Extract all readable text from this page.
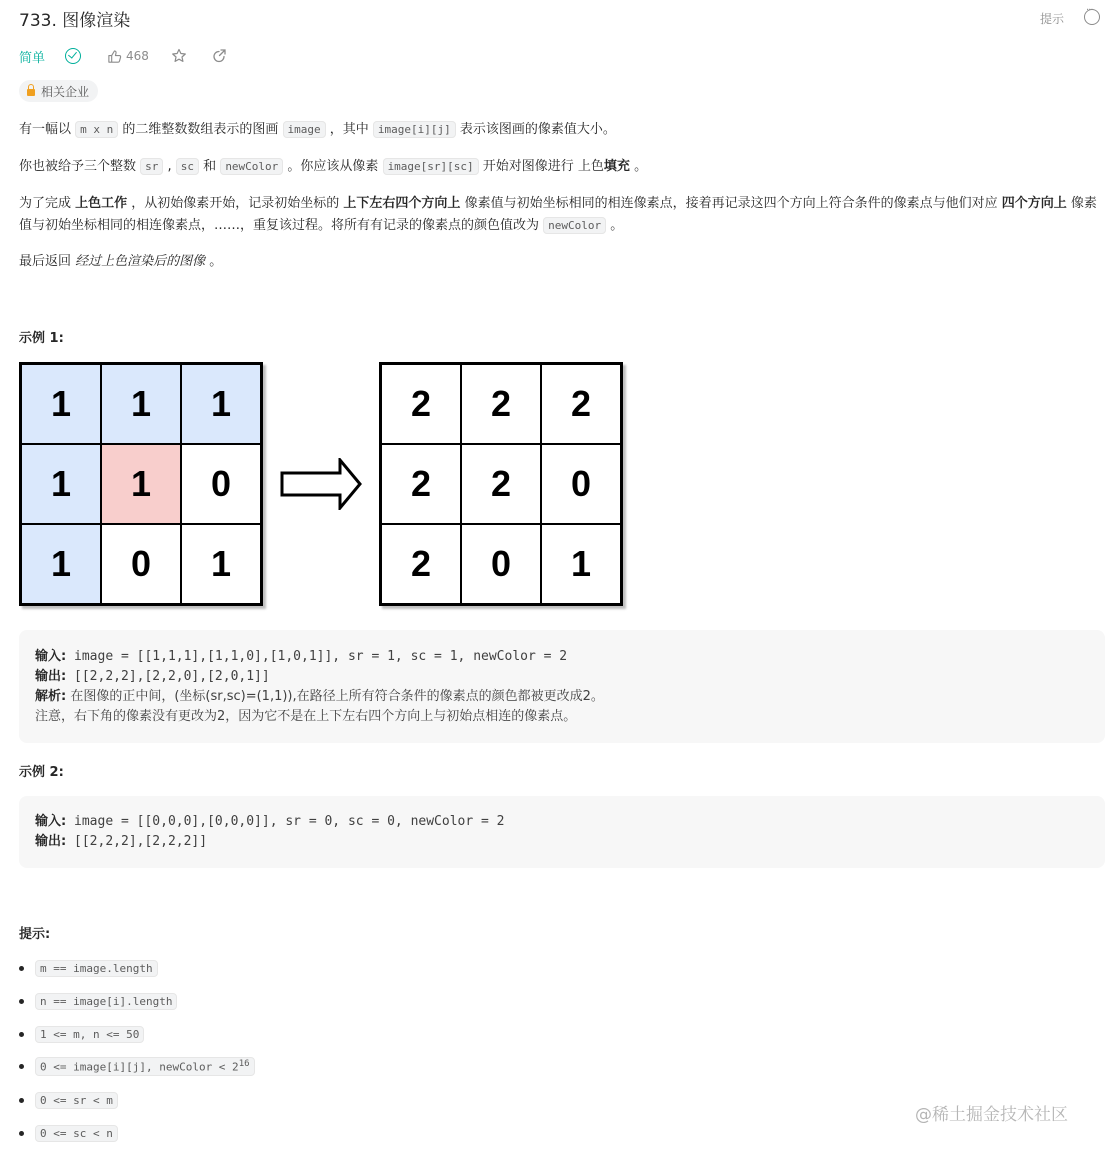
733. 图像渲染	提示
···
简单	468
相关企业
有一幅以 m x n 的二维整数数组表示的图画 image ，其中 image[i][j] 表示该图画的像素值大小。
你也被给予三个整数 sr , sc 和 newColor 。你应该从像素 image[sr][sc] 开始对图像进行 上色填充 。
为了完成 上色工作 ，从初始像素开始，记录初始坐标的 上下左右四个方向上 像素值与初始坐标相同的相连像素点，接着再记录这四个方向上符合条件的像素点与他们对应 四个方向上 像素值与初始坐标相同的相连像素点，……，重复该过程。将所有有记录的像素点的颜色值改为 newColor 。
最后返回 经过上色渲染后的图像 。
示例 1:
1	1	1
1	1	0
1	0	1
2	2	2
2	2	0
2	0	1
输入: image = [[1,1,1],[1,1,0],[1,0,1]], sr = 1, sc = 1, newColor = 2
输出: [[2,2,2],[2,2,0],[2,0,1]]
解析: 在图像的正中间，(坐标(sr,sc)=(1,1)),在路径上所有符合条件的像素点的颜色都被更改成2。
注意，右下角的像素没有更改为2，因为它不是在上下左右四个方向上与初始点相连的像素点。
示例 2:
输入: image = [[0,0,0],[0,0,0]], sr = 0, sc = 0, newColor = 2
输出: [[2,2,2],[2,2,2]]
提示:
m == image.length
n == image[i].length
1 <= m, n <= 50
0 <= image[i][j], newColor < $2^{16}$
0 <= sr < m
0 <= sc < n
@稀土掘金技术社区
